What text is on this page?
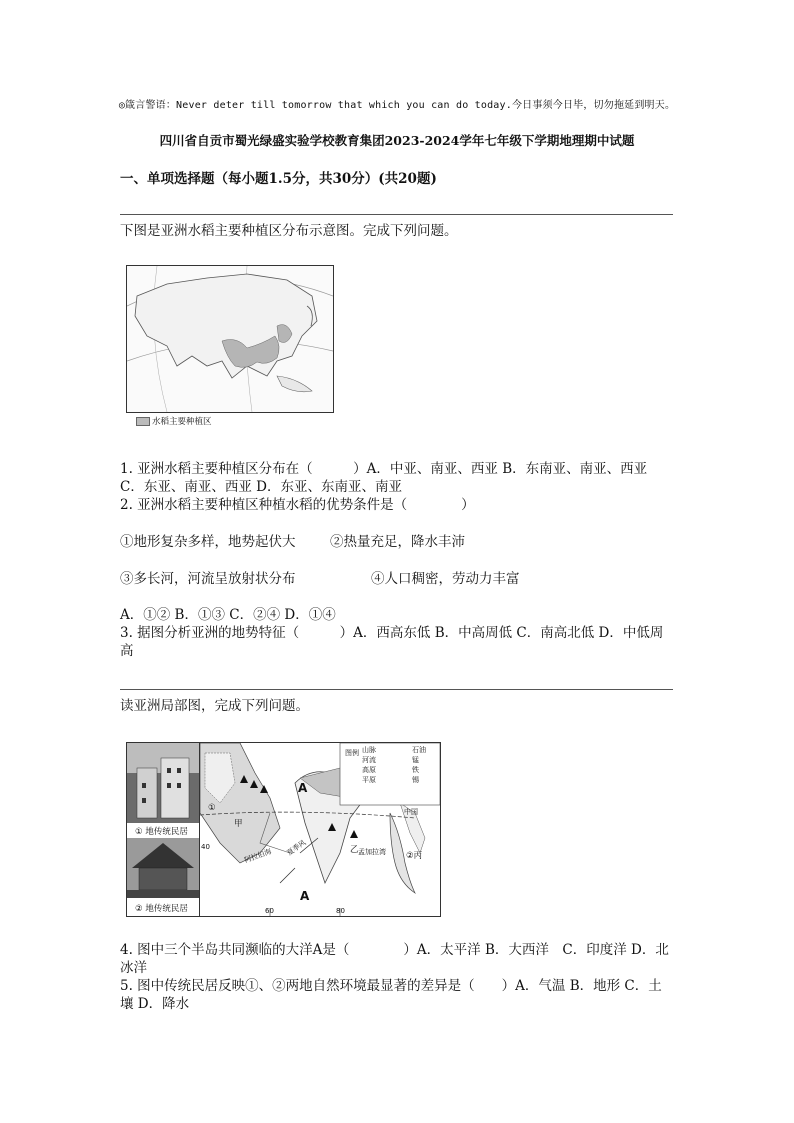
◎箴言警语：Never deter till tomorrow that which you can do today.今日事须今日毕，切勿拖延到明天。
四川省自贡市蜀光绿盛实验学校教育集团2023-2024学年七年级下学期地理期中试题
一、单项选择题（每小题1.5分，共30分）(共20题)
下图是亚洲水稻主要种植区分布示意图。完成下列问题。
水稻主要种植区
1. 亚洲水稻主要种植区分布在（　　　）A．中亚、南亚、西亚 B．东南亚、南亚、西亚 C．东亚、南亚、西亚 D．东亚、东南亚、南亚
2. 亚洲水稻主要种植区种植水稻的优势条件是（　　　　）
①地形复杂多样，地势起伏大	②热量充足，降水丰沛
③多长河，河流呈放射状分布	④人口稠密，劳动力丰富
A．①② B．①③ C．②④ D．①④
3. 据图分析亚洲的地势特征（　　　）A．西高东低 B．中高周低 C．南高北低 D．中低周高
读亚洲局部图，完成下列问题。
① 地传统民居
② 地传统民居
图例 山脉
河流
高原
平原
石油
锰
铁
锡
①
甲
A
乙
中国
阿拉伯海	孟加拉湾
夏季风
A
②丙
60	80
40
4. 图中三个半岛共同濒临的大洋A是（　　　　）A．太平洋 B．大西洋　C．印度洋 D．北冰洋
5. 图中传统民居反映①、②两地自然环境最显著的差异是（　　）A．气温 B．地形 C．土壤 D．降水
